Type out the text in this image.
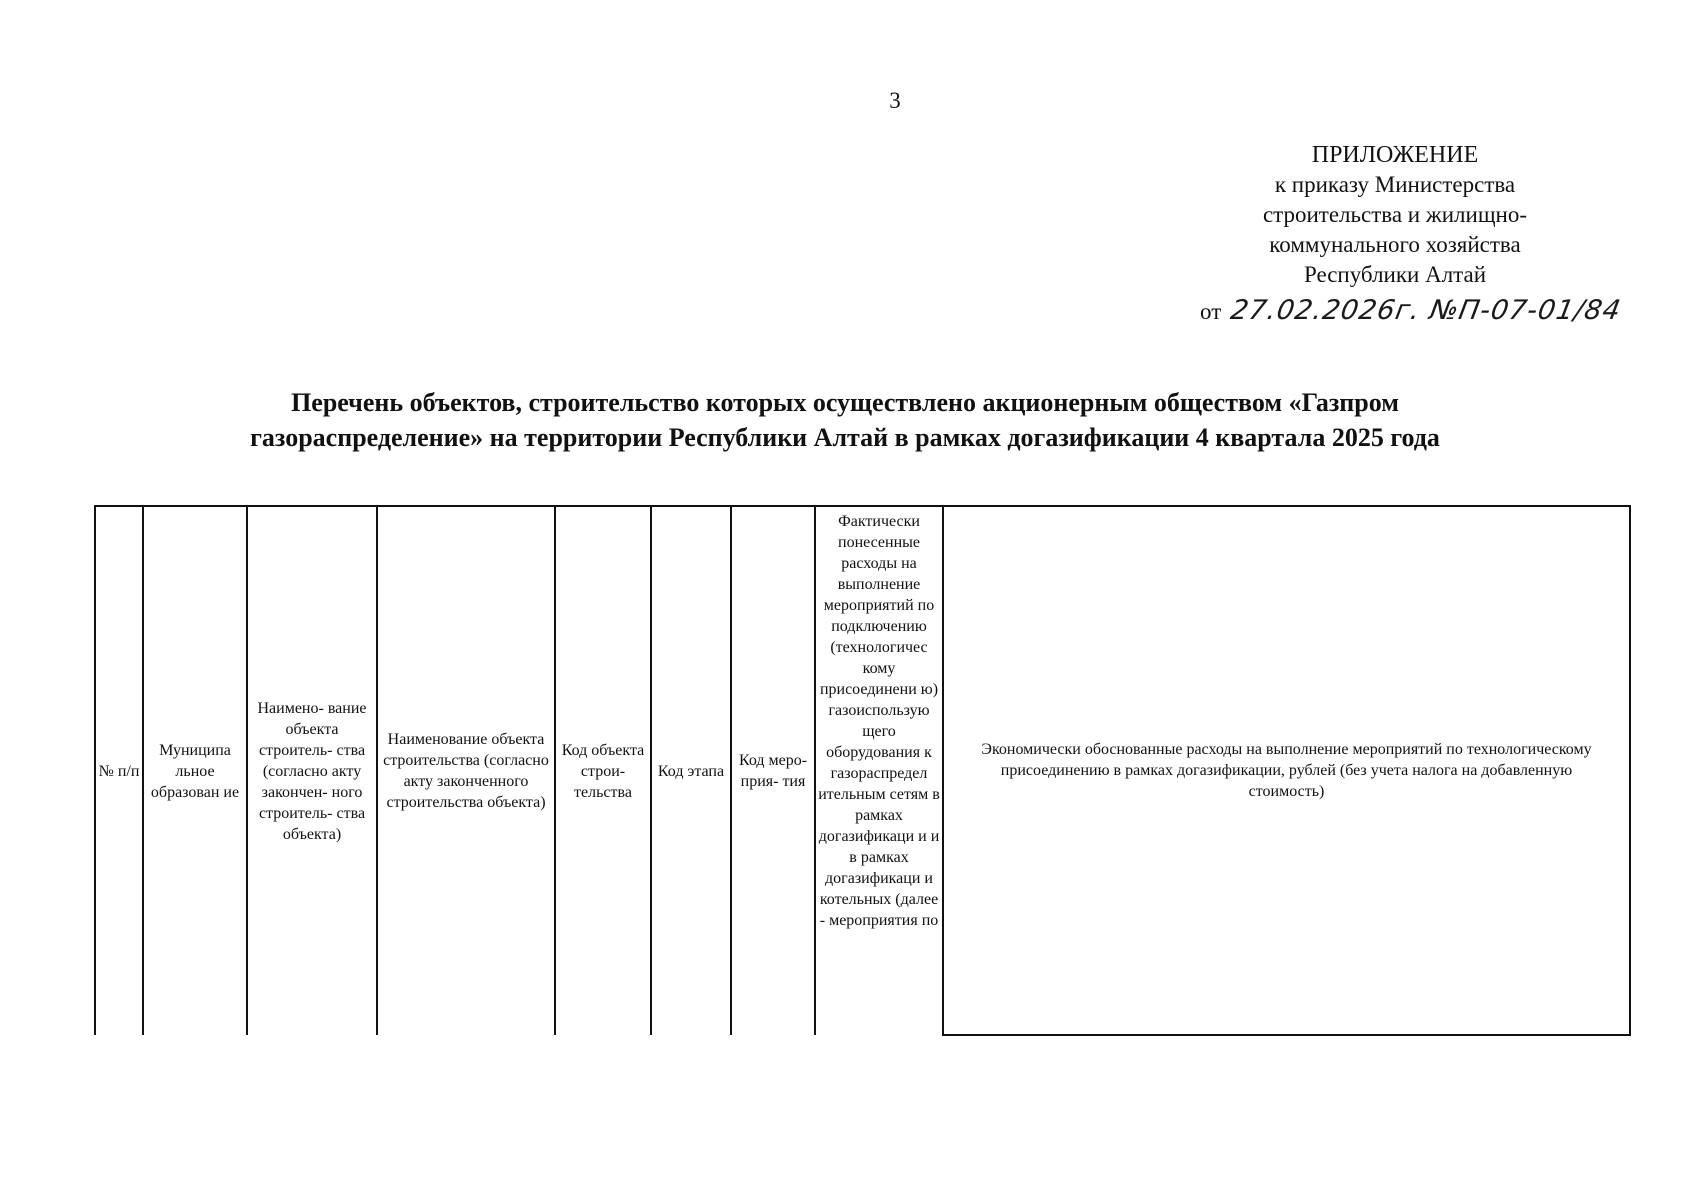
3
ПРИЛОЖЕНИЕ
к приказу Министерства
строительства и жилищно-
коммунального хозяйства
Республики Алтай
от 27.02.2026г. №П-07-01/84
Перечень объектов, строительство которых осуществлено акционерным обществом «Газпром
газораспределение» на территории Республики Алтай в рамках догазификации 4 квартала 2025 года
№ п/п	Муниципа льное образован ие	Наимено- вание объекта строитель- ства (согласно акту закончен- ного строитель- ства объекта)	Наименование объекта строительства (согласно акту законченного строительства объекта)	Код объекта строи- тельства	Код этапа	Код меро- прия- тия	Фактически понесенные расходы на выполнение мероприятий по подключению (технологичес кому присоединени ю) газоиспользую щего оборудования к газораспредел ительным сетям в рамках догазификаци и и в рамках догазификаци и котельных (далее - мероприятия по	Экономически обоснованные расходы на выполнение мероприятий по технологическому присоединению в рамках догазификации, рублей (без учета налога на добавленную стоимость)
